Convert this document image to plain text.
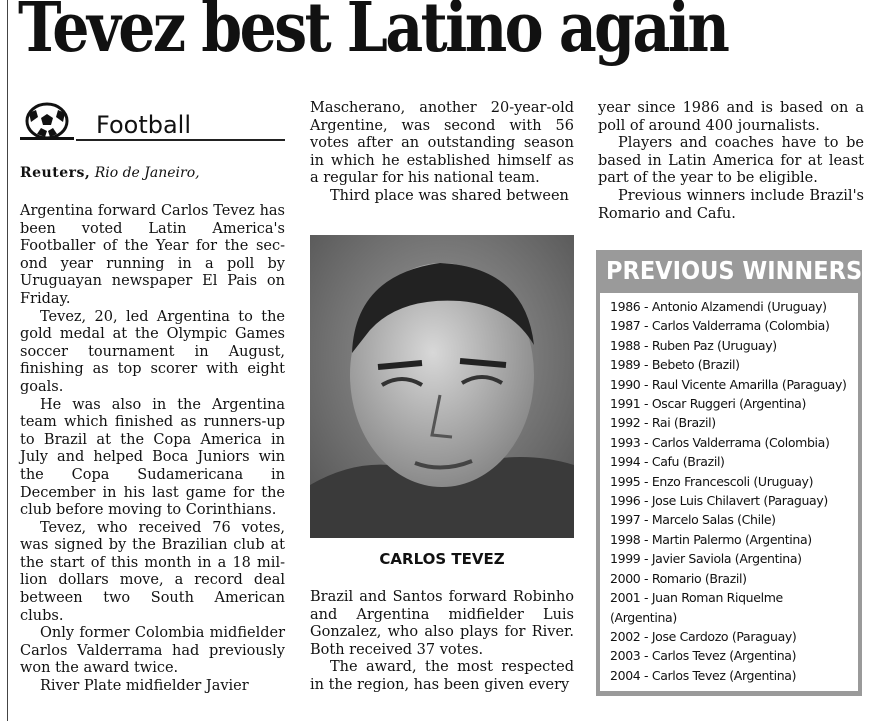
Tevez best Latino again
Football
Reuters, Rio de Janeiro,

Argentina forward Carlos Tevez has been voted Latin America's Footballer of the Year for the sec-ond year running in a poll by Uruguayan newspaper El Pais on Friday.

Tevez, 20, led Argentina to the gold medal at the Olympic Games soccer tournament in August, finishing as top scorer with eight goals.

He was also in the Argentina team which finished as runners-up to Brazil at the Copa America in July and helped Boca Juniors win the Copa Sudamericana in December in his last game for the club before moving to Corinthians.

Tevez, who received 76 votes, was signed by the Brazilian club at the start of this month in a 18 mil-lion dollars move, a record deal between two South American clubs.

Only former Colombia midfielder Carlos Valderrama had previously won the award twice.

River Plate midfielder Javier

Mascherano, another 20-year-old Argentine, was second with 56 votes after an outstanding season in which he established himself as a regular for his national team.

Third place was shared between

CARLOS TEVEZ

Brazil and Santos forward Robinho and Argentina midfielder Luis Gonzalez, who also plays for River. Both received 37 votes.

The award, the most respected in the region, has been given every

year since 1986 and is based on a poll of around 400 journalists.

Players and coaches have to be based in Latin America for at least part of the year to be eligible.

Previous winners include Brazil's Romario and Cafu.

PREVIOUS WINNERS
1986 - Antonio Alzamendi (Uruguay)
1987 - Carlos Valderrama (Colombia)
1988 - Ruben Paz (Uruguay)
1989 - Bebeto (Brazil)
1990 - Raul Vicente Amarilla (Paraguay)
1991 - Oscar Ruggeri (Argentina)
1992 - Rai (Brazil)
1993 - Carlos Valderrama (Colombia)
1994 - Cafu (Brazil)
1995 - Enzo Francescoli (Uruguay)
1996 - Jose Luis Chilavert (Paraguay)
1997 - Marcelo Salas (Chile)
1998 - Martin Palermo (Argentina)
1999 - Javier Saviola (Argentina)
2000 - Romario (Brazil)
2001 - Juan Roman Riquelme (Argentina)
2002 - Jose Cardozo (Paraguay)
2003 - Carlos Tevez (Argentina)
2004 - Carlos Tevez (Argentina)
